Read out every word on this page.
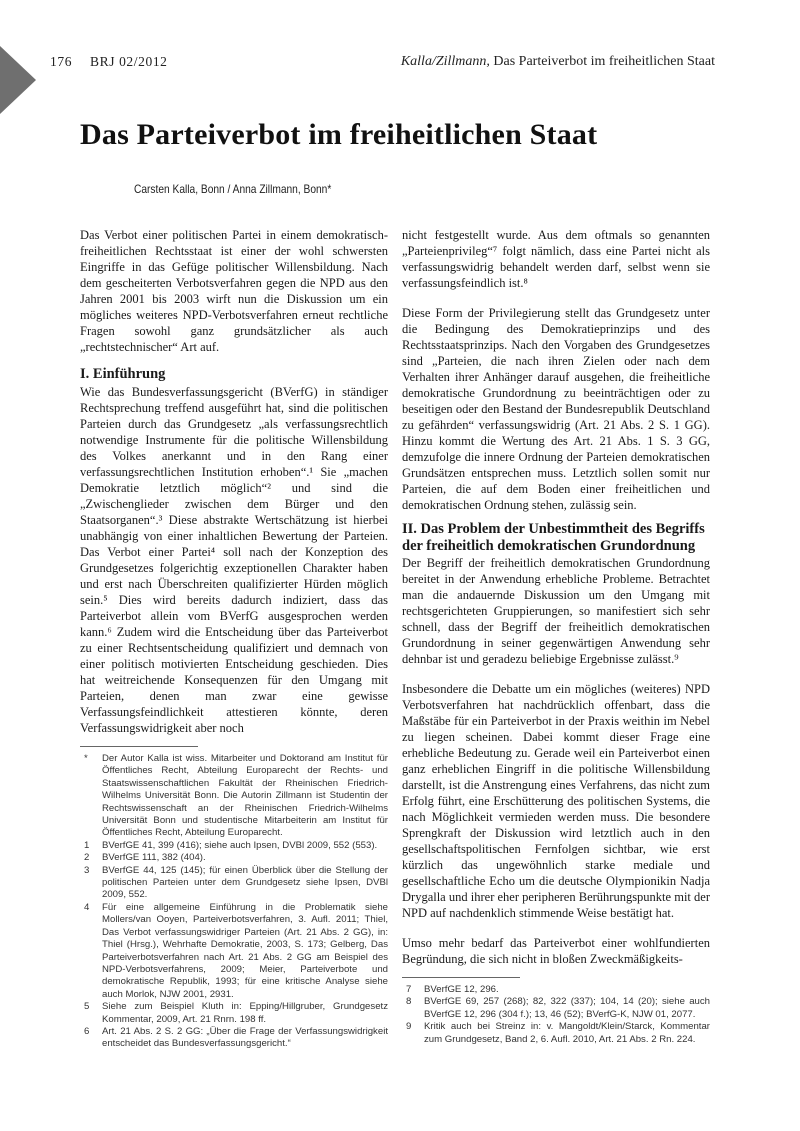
176 BRJ 02/2012	Kalla/Zillmann, Das Parteiverbot im freiheitlichen Staat
Das Parteiverbot im freiheitlichen Staat
Carsten Kalla, Bonn / Anna Zillmann, Bonn*

Das Verbot einer politischen Partei in einem demokratisch-freiheitlichen Rechtsstaat ist einer der wohl schwersten Eingriffe in das Gefüge politischer Willensbildung. Nach dem gescheiterten Verbotsverfahren gegen die NPD aus den Jahren 2001 bis 2003 wirft nun die Diskussion um ein mögliches weiteres NPD-Verbotsverfahren erneut rechtliche Fragen sowohl ganz grundsätzlicher als auch „rechtstechnischer“ Art auf.

I. Einführung

Wie das Bundesverfassungsgericht (BVerfG) in ständiger Rechtsprechung treffend ausgeführt hat, sind die politischen Parteien durch das Grundgesetz „als verfassungsrechtlich notwendige Instrumente für die politische Willensbildung des Volkes anerkannt und in den Rang einer verfassungsrechtlichen Institution erhoben“.¹ Sie „machen Demokratie letztlich möglich“² und sind die „Zwischenglieder zwischen dem Bürger und den Staatsorganen“.³ Diese abstrakte Wertschätzung ist hierbei unabhängig von einer inhaltlichen Bewertung der Parteien. Das Verbot einer Partei⁴ soll nach der Konzeption des Grundgesetzes folgerichtig exzeptionellen Charakter haben und erst nach Überschreiten qualifizierter Hürden möglich sein.⁵ Dies wird bereits dadurch indiziert, dass das Parteiverbot allein vom BVerfG ausgesprochen werden kann.⁶ Zudem wird die Entscheidung über das Parteiverbot zu einer Rechtsentscheidung qualifiziert und demnach von einer politisch motivierten Entscheidung geschieden. Dies hat weitreichende Konsequenzen für den Umgang mit Parteien, denen man zwar eine gewisse Verfassungsfeindlichkeit attestieren könnte, deren Verfassungswidrigkeit aber noch

*	Der Autor Kalla ist wiss. Mitarbeiter und Doktorand am Institut für Öffentliches Recht, Abteilung Europarecht der Rechts- und Staatswissenschaftlichen Fakultät der Rheinischen Friedrich-Wilhelms Universität Bonn. Die Autorin Zillmann ist Studentin der Rechtswissenschaft an der Rheinischen Friedrich-Wilhelms Universität Bonn und studentische Mitarbeiterin am Institut für Öffentliches Recht, Abteilung Europarecht.
1	BVerfGE 41, 399 (416); siehe auch Ipsen, DVBl 2009, 552 (553).
2	BVerfGE 111, 382 (404).
3	BVerfGE 44, 125 (145); für einen Überblick über die Stellung der politischen Parteien unter dem Grundgesetz siehe Ipsen, DVBl 2009, 552.
4	Für eine allgemeine Einführung in die Problematik siehe Mollers/van Ooyen, Parteiverbotsverfahren, 3. Aufl. 2011; Thiel, Das Verbot verfassungswidriger Parteien (Art. 21 Abs. 2 GG), in: Thiel (Hrsg.), Wehrhafte Demokratie, 2003, S. 173; Gelberg, Das Parteiverbotsverfahren nach Art. 21 Abs. 2 GG am Beispiel des NPD-Verbotsverfahrens, 2009; Meier, Parteiverbote und demokratische Republik, 1993; für eine kritische Analyse siehe auch Morlok, NJW 2001, 2931.
5	Siehe zum Beispiel Kluth in: Epping/Hillgruber, Grundgesetz Kommentar, 2009, Art. 21 Rnrn. 198 ff.
6	Art. 21 Abs. 2 S. 2 GG: „Über die Frage der Verfassungswidrigkeit entscheidet das Bundesverfassungsgericht.“

nicht festgestellt wurde. Aus dem oftmals so genannten „Parteienprivileg“⁷ folgt nämlich, dass eine Partei nicht als verfassungswidrig behandelt werden darf, selbst wenn sie verfassungsfeindlich ist.⁸

Diese Form der Privilegierung stellt das Grundgesetz unter die Bedingung des Demokratieprinzips und des Rechtsstaatsprinzips. Nach den Vorgaben des Grundgesetzes sind „Parteien, die nach ihren Zielen oder nach dem Verhalten ihrer Anhänger darauf ausgehen, die freiheitliche demokratische Grundordnung zu beeinträchtigen oder zu beseitigen oder den Bestand der Bundesrepublik Deutschland zu gefährden“ verfassungswidrig (Art. 21 Abs. 2 S. 1 GG). Hinzu kommt die Wertung des Art. 21 Abs. 1 S. 3 GG, demzufolge die innere Ordnung der Parteien demokratischen Grundsätzen entsprechen muss. Letztlich sollen somit nur Parteien, die auf dem Boden einer freiheitlichen und demokratischen Ordnung stehen, zulässig sein.

II. Das Problem der Unbestimmtheit des Begriffs der freiheitlich demokratischen Grundordnung

Der Begriff der freiheitlich demokratischen Grundordnung bereitet in der Anwendung erhebliche Probleme. Betrachtet man die andauernde Diskussion um den Umgang mit rechtsgerichteten Gruppierungen, so manifestiert sich sehr schnell, dass der Begriff der freiheitlich demokratischen Grundordnung in seiner gegenwärtigen Anwendung sehr dehnbar ist und geradezu beliebige Ergebnisse zulässt.⁹

Insbesondere die Debatte um ein mögliches (weiteres) NPD Verbotsverfahren hat nachdrücklich offenbart, dass die Maßstäbe für ein Parteiverbot in der Praxis weithin im Nebel zu liegen scheinen. Dabei kommt dieser Frage eine erhebliche Bedeutung zu. Gerade weil ein Parteiverbot einen ganz erheblichen Eingriff in die politische Willensbildung darstellt, ist die Anstrengung eines Verfahrens, das nicht zum Erfolg führt, eine Erschütterung des politischen Systems, die nach Möglichkeit vermieden werden muss. Die besondere Sprengkraft der Diskussion wird letztlich auch in den gesellschaftspolitischen Fernfolgen sichtbar, wie erst kürzlich das ungewöhnlich starke mediale und gesellschaftliche Echo um die deutsche Olympionikin Nadja Drygalla und ihrer eher peripheren Berührungspunkte mit der NPD auf nachdenklich stimmende Weise bestätigt hat.

Umso mehr bedarf das Parteiverbot einer wohlfundierten Begründung, die sich nicht in bloßen Zweckmäßigkeits-

7	BVerfGE 12, 296.
8	BVerfGE 69, 257 (268); 82, 322 (337); 104, 14 (20); siehe auch BVerfGE 12, 296 (304 f.); 13, 46 (52); BVerfG-K, NJW 01, 2077.
9	Kritik auch bei Streinz in: v. Mangoldt/Klein/Starck, Kommentar zum Grundgesetz, Band 2, 6. Aufl. 2010, Art. 21 Abs. 2 Rn. 224.
